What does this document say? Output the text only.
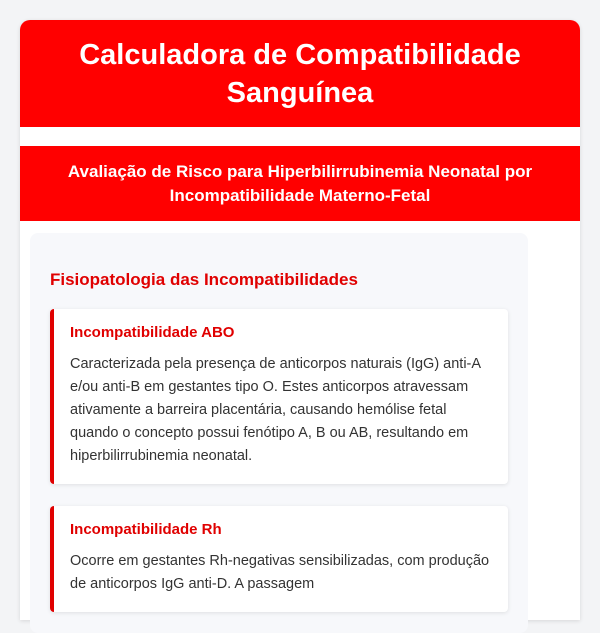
Calculadora de Compatibilidade Sanguínea
Avaliação de Risco para Hiperbilirrubinemia Neonatal por Incompatibilidade Materno-Fetal
Fisiopatologia das Incompatibilidades
Incompatibilidade ABO

Caracterizada pela presença de anticorpos naturais (IgG) anti-A e/ou anti-B em gestantes tipo O. Estes anticorpos atravessam ativamente a barreira placentária, causando hemólise fetal quando o concepto possui fenótipo A, B ou AB, resultando em hiperbilirrubinemia neonatal.

Incompatibilidade Rh

Ocorre em gestantes Rh-negativas sensibilizadas, com produção de anticorpos IgG anti-D. A passagem
